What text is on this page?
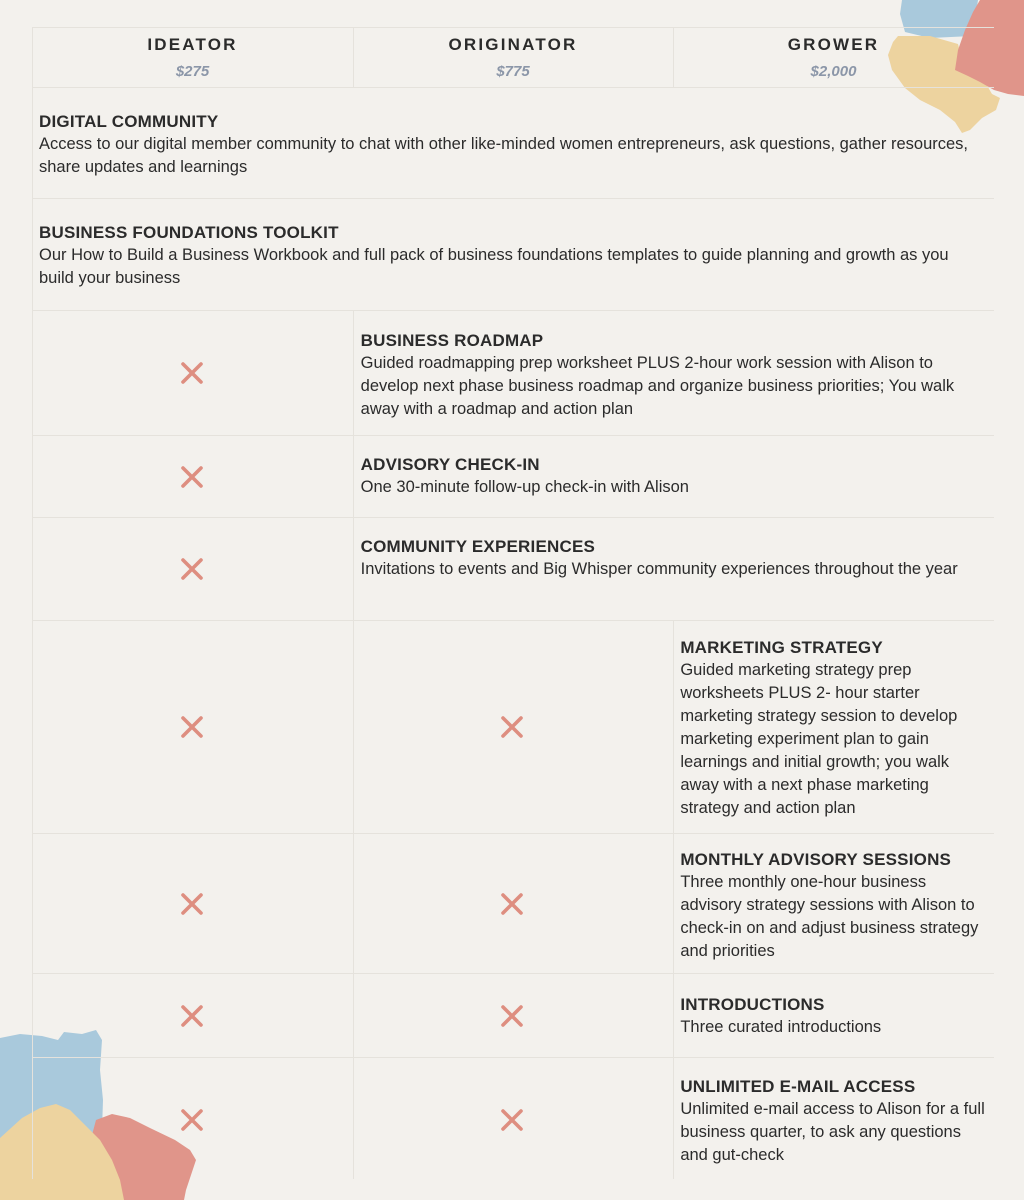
IDEATOR
$275
ORIGINATOR
$775
GROWER
$2,000
DIGITAL COMMUNITY
Access to our digital member community to chat with other like-minded women entrepreneurs, ask questions, gather resources, share updates and learnings
BUSINESS FOUNDATIONS TOOLKIT
Our How to Build a Business Workbook and full pack of business foundations templates to guide planning and growth as you build your business
BUSINESS ROADMAP
Guided roadmapping prep worksheet PLUS 2-hour work session with Alison to develop next phase business roadmap and organize business priorities; You walk away with a roadmap and action plan
ADVISORY CHECK-IN
One 30-minute follow-up check-in with Alison
COMMUNITY EXPERIENCES
Invitations to events and Big Whisper community experiences throughout the year
MARKETING STRATEGY
Guided marketing strategy prep worksheets PLUS 2- hour starter marketing strategy session to develop marketing experiment plan to gain learnings and initial growth; you walk away with a next phase marketing strategy and action plan
MONTHLY ADVISORY SESSIONS
Three monthly one-hour business advisory strategy sessions with Alison to check-in on and adjust business strategy and priorities
INTRODUCTIONS
Three curated introductions
UNLIMITED E-MAIL ACCESS
Unlimited e-mail access to Alison for a full business quarter, to ask any questions and gut-check
